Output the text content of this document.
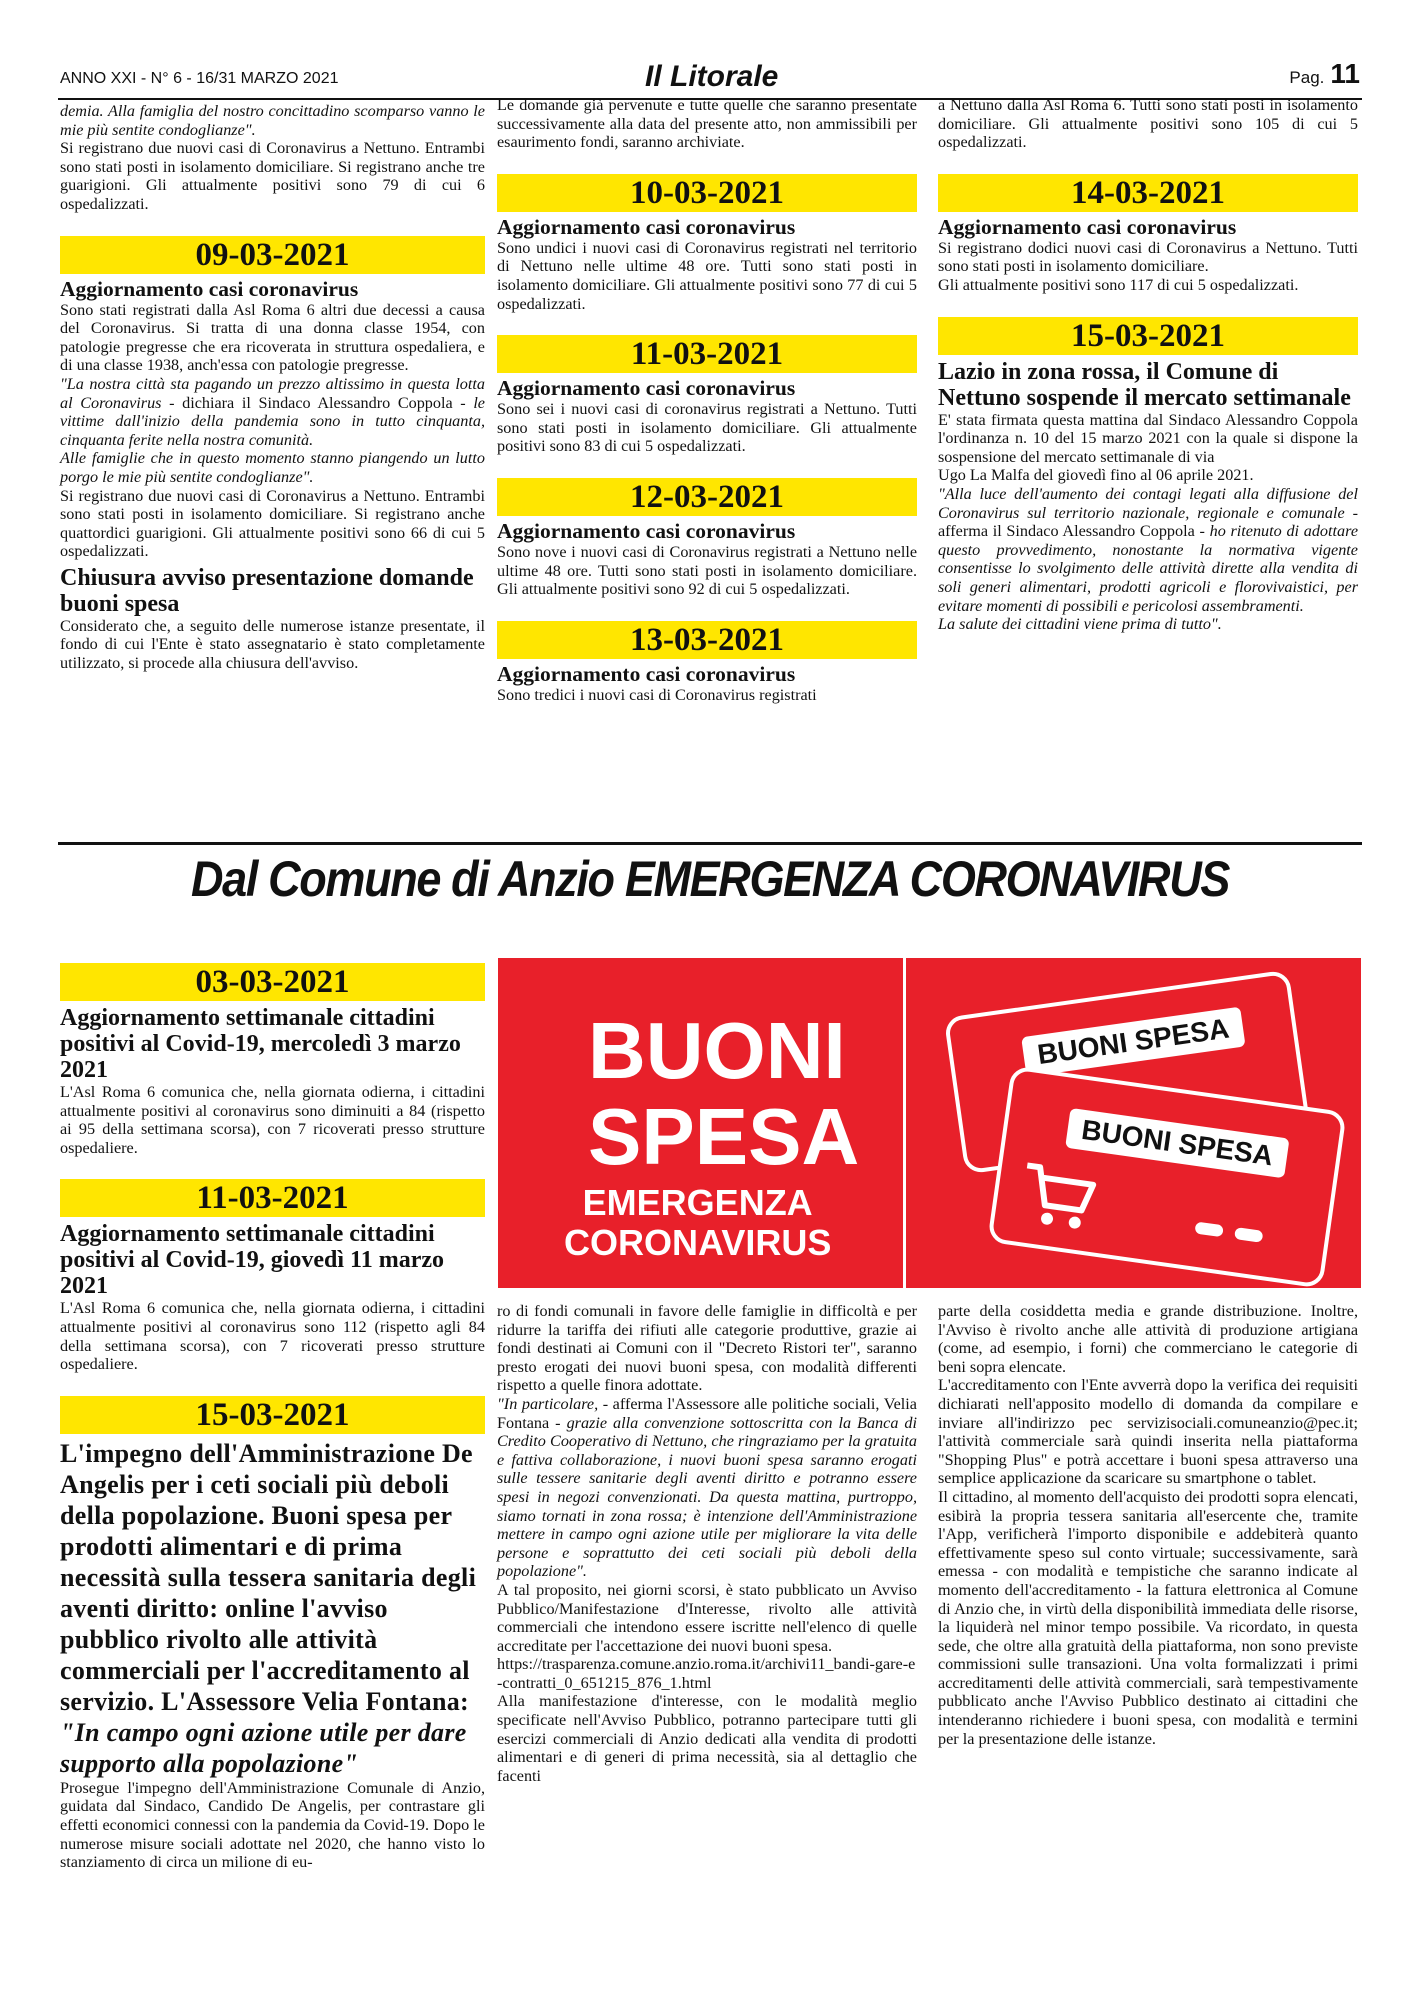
ANNO XXI - N° 6 - 16/31 MARZO 2021	Il Litorale	Pag. 11

demia. Alla famiglia del nostro concittadino scomparso vanno le mie più sentite condoglianze".

Si registrano due nuovi casi di Coronavirus a Nettuno. Entrambi sono stati posti in isolamento domiciliare. Si registrano anche tre guarigioni. Gli attualmente positivi sono 79 di cui 6 ospedalizzati.

09-03-2021
Aggiornamento casi coronavirus

Sono stati registrati dalla Asl Roma 6 altri due decessi a causa del Coronavirus. Si tratta di una donna classe 1954, con patologie pregresse che era ricoverata in struttura ospedaliera, e di una classe 1938, anch'essa con patologie pregresse.

"La nostra città sta pagando un prezzo altissimo in questa lotta al Coronavirus - dichiara il Sindaco Alessandro Coppola - le vittime dall'inizio della pandemia sono in tutto cinquanta, cinquanta ferite nella nostra comunità.

Alle famiglie che in questo momento stanno piangendo un lutto porgo le mie più sentite condoglianze".

Si registrano due nuovi casi di Coronavirus a Nettuno. Entrambi sono stati posti in isolamento domiciliare. Si registrano anche quattordici guarigioni. Gli attualmente positivi sono 66 di cui 5 ospedalizzati.

Chiusura avviso presentazione domande buoni spesa

Considerato che, a seguito delle numerose istanze presentate, il fondo di cui l'Ente è stato assegnatario è stato completamente utilizzato, si procede alla chiusura dell'avviso.

Le domande già pervenute e tutte quelle che saranno presentate successivamente alla data del presente atto, non ammissibili per esaurimento fondi, saranno archiviate.

10-03-2021
Aggiornamento casi coronavirus

Sono undici i nuovi casi di Coronavirus registrati nel territorio di Nettuno nelle ultime 48 ore. Tutti sono stati posti in isolamento domiciliare. Gli attualmente positivi sono 77 di cui 5 ospedalizzati.

11-03-2021
Aggiornamento casi coronavirus

Sono sei i nuovi casi di coronavirus registrati a Nettuno. Tutti sono stati posti in isolamento domiciliare. Gli attualmente positivi sono 83 di cui 5 ospedalizzati.

12-03-2021
Aggiornamento casi coronavirus

Sono nove i nuovi casi di Coronavirus registrati a Nettuno nelle ultime 48 ore. Tutti sono stati posti in isolamento domiciliare. Gli attualmente positivi sono 92 di cui 5 ospedalizzati.

13-03-2021
Aggiornamento casi coronavirus

Sono tredici i nuovi casi di Coronavirus registrati

a Nettuno dalla Asl Roma 6. Tutti sono stati posti in isolamento domiciliare. Gli attualmente positivi sono 105 di cui 5 ospedalizzati.

14-03-2021
Aggiornamento casi coronavirus

Si registrano dodici nuovi casi di Coronavirus a Nettuno. Tutti sono stati posti in isolamento domiciliare.

Gli attualmente positivi sono 117 di cui 5 ospedalizzati.

15-03-2021
Lazio in zona rossa, il Comune di Nettuno sospende il mercato settimanale

E' stata firmata questa mattina dal Sindaco Alessandro Coppola l'ordinanza n. 10 del 15 marzo 2021 con la quale si dispone la sospensione del mercato settimanale di via

Ugo La Malfa del giovedì fino al 06 aprile 2021.

"Alla luce dell'aumento dei contagi legati alla diffusione del Coronavirus sul territorio nazionale, regionale e comunale - afferma il Sindaco Alessandro Coppola - ho ritenuto di adottare questo provvedimento, nonostante la normativa vigente consentisse lo svolgimento delle attività dirette alla vendita di soli generi alimentari, prodotti agricoli e florovivaistici, per evitare momenti di possibili e pericolosi assembramenti.

La salute dei cittadini viene prima di tutto".

Dal Comune di Anzio EMERGENZA CORONAVIRUS
BUONI
SPESA
EMERGENZA
CORONAVIRUS
BUONI SPESA
BUONI SPESA
03-03-2021
Aggiornamento settimanale cittadini positivi al Covid-19, mercoledì 3 marzo 2021

L'Asl Roma 6 comunica che, nella giornata odierna, i cittadini attualmente positivi al coronavirus sono diminuiti a 84 (rispetto ai 95 della settimana scorsa), con 7 ricoverati presso strutture ospedaliere.

11-03-2021
Aggiornamento settimanale cittadini positivi al Covid-19, giovedì 11 marzo 2021

L'Asl Roma 6 comunica che, nella giornata odierna, i cittadini attualmente positivi al coronavirus sono 112 (rispetto agli 84 della settimana scorsa), con 7 ricoverati presso strutture ospedaliere.

15-03-2021
L'impegno dell'Amministrazione De Angelis per i ceti sociali più deboli della popolazione. Buoni spesa per prodotti alimentari e di prima necessità sulla tessera sanitaria degli aventi diritto: online l'avviso pubblico rivolto alle attività commerciali per l'accreditamento al servizio. L'Assessore Velia Fontana: "In campo ogni azione utile per dare supporto alla popolazione"

Prosegue l'impegno dell'Amministrazione Comunale di Anzio, guidata dal Sindaco, Candido De Angelis, per contrastare gli effetti economici connessi con la pandemia da Covid-19. Dopo le numerose misure sociali adottate nel 2020, che hanno visto lo stanziamento di circa un milione di eu-

ro di fondi comunali in favore delle famiglie in difficoltà e per ridurre la tariffa dei rifiuti alle categorie produttive, grazie ai fondi destinati ai Comuni con il "Decreto Ristori ter", saranno presto erogati dei nuovi buoni spesa, con modalità differenti rispetto a quelle finora adottate.

"In particolare, - afferma l'Assessore alle politiche sociali, Velia Fontana - grazie alla convenzione sottoscritta con la Banca di Credito Cooperativo di Nettuno, che ringraziamo per la gratuita e fattiva collaborazione, i nuovi buoni spesa saranno erogati sulle tessere sanitarie degli aventi diritto e potranno essere spesi in negozi convenzionati. Da questa mattina, purtroppo, siamo tornati in zona rossa; è intenzione dell'Amministrazione mettere in campo ogni azione utile per migliorare la vita delle persone e soprattutto dei ceti sociali più deboli della popolazione".

A tal proposito, nei giorni scorsi, è stato pubblicato un Avviso Pubblico/Manifestazione d'Interesse, rivolto alle attività commerciali che intendono essere iscritte nell'elenco di quelle accreditate per l'accettazione dei nuovi buoni spesa.

https://trasparenza.comune.anzio.roma.it/archivi11_bandi-gare-e-contratti_0_651215_876_1.html

Alla manifestazione d'interesse, con le modalità meglio specificate nell'Avviso Pubblico, potranno partecipare tutti gli esercizi commerciali di Anzio dedicati alla vendita di prodotti alimentari e di generi di prima necessità, sia al dettaglio che facenti

parte della cosiddetta media e grande distribuzione. Inoltre, l'Avviso è rivolto anche alle attività di produzione artigiana (come, ad esempio, i forni) che commerciano le categorie di beni sopra elencate.

L'accreditamento con l'Ente avverrà dopo la verifica dei requisiti dichiarati nell'apposito modello di domanda da compilare e inviare all'indirizzo pec servizisociali.comuneanzio@pec.it; l'attività commerciale sarà quindi inserita nella piattaforma "Shopping Plus" e potrà accettare i buoni spesa attraverso una semplice applicazione da scaricare su smartphone o tablet.

Il cittadino, al momento dell'acquisto dei prodotti sopra elencati, esibirà la propria tessera sanitaria all'esercente che, tramite l'App, verificherà l'importo disponibile e addebiterà quanto effettivamente speso sul conto virtuale; successivamente, sarà emessa - con modalità e tempistiche che saranno indicate al momento dell'accreditamento - la fattura elettronica al Comune di Anzio che, in virtù della disponibilità immediata delle risorse, la liquiderà nel minor tempo possibile. Va ricordato, in questa sede, che oltre alla gratuità della piattaforma, non sono previste commissioni sulle transazioni. Una volta formalizzati i primi accreditamenti delle attività commerciali, sarà tempestivamente pubblicato anche l'Avviso Pubblico destinato ai cittadini che intenderanno richiedere i buoni spesa, con modalità e termini per la presentazione delle istanze.
